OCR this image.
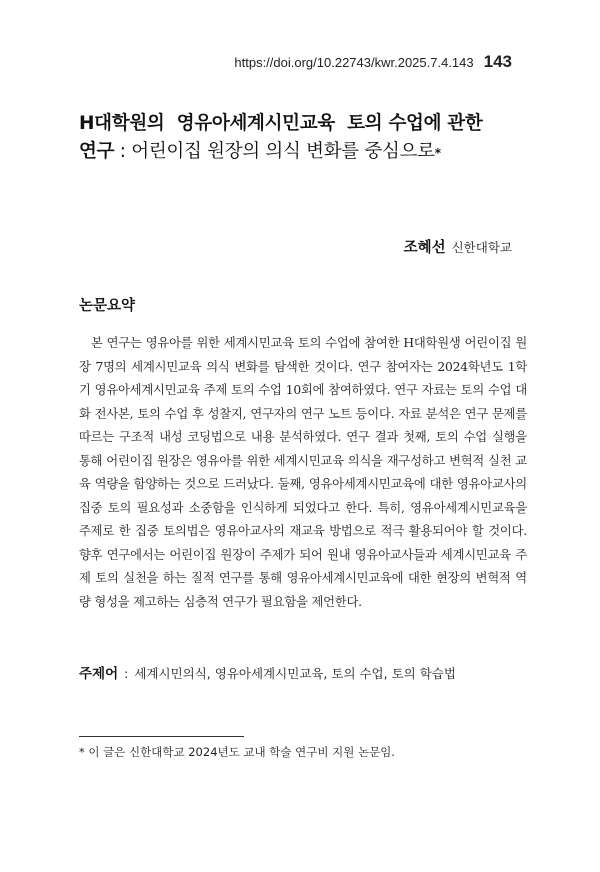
https://doi.org/10.22743/kwr.2025.7.4.143 143
H대학원의  영유아세계시민교육  토의 수업에 관한
연구 : 어린이집 원장의 의식 변화를 중심으로*
조혜선 신한대학교
논문요약

본 연구는 영유아를 위한 세계시민교육 토의 수업에 참여한 H대학원생 어린이집 원장 7명의 세계시민교육 의식 변화를 탐색한 것이다. 연구 참여자는 2024학년도 1학기 영유아세계시민교육 주제 토의 수업 10회에 참여하였다. 연구 자료는 토의 수업 대화 전사본, 토의 수업 후 성찰지, 연구자의 연구 노트 등이다. 자료 분석은 연구 문제를 따르는 구조적 내성 코딩법으로 내용 분석하였다. 연구 결과 첫째, 토의 수업 실행을 통해 어린이집 원장은 영유아를 위한 세계시민교육 의식을 재구성하고 변혁적 실천 교육 역량을 함양하는 것으로 드러났다. 둘째, 영유아세계시민교육에 대한 영유아교사의 집중 토의 필요성과 소중함을 인식하게 되었다고 한다. 특히, 영유아세계시민교육을 주제로 한 집중 토의법은 영유아교사의 재교육 방법으로 적극 활용되어야 할 것이다. 향후 연구에서는 어린이집 원장이 주제가 되어 원내 영유아교사들과 세계시민교육 주제 토의 실천을 하는 질적 연구를 통해 영유아세계시민교육에 대한 현장의 변혁적 역량 형성을 제고하는 심층적 연구가 필요함을 제언한다.

주제어 : 세계시민의식, 영유아세계시민교육, 토의 수업, 토의 학습법
* 이 글은 신한대학교 2024년도 교내 학술 연구비 지원 논문임.
